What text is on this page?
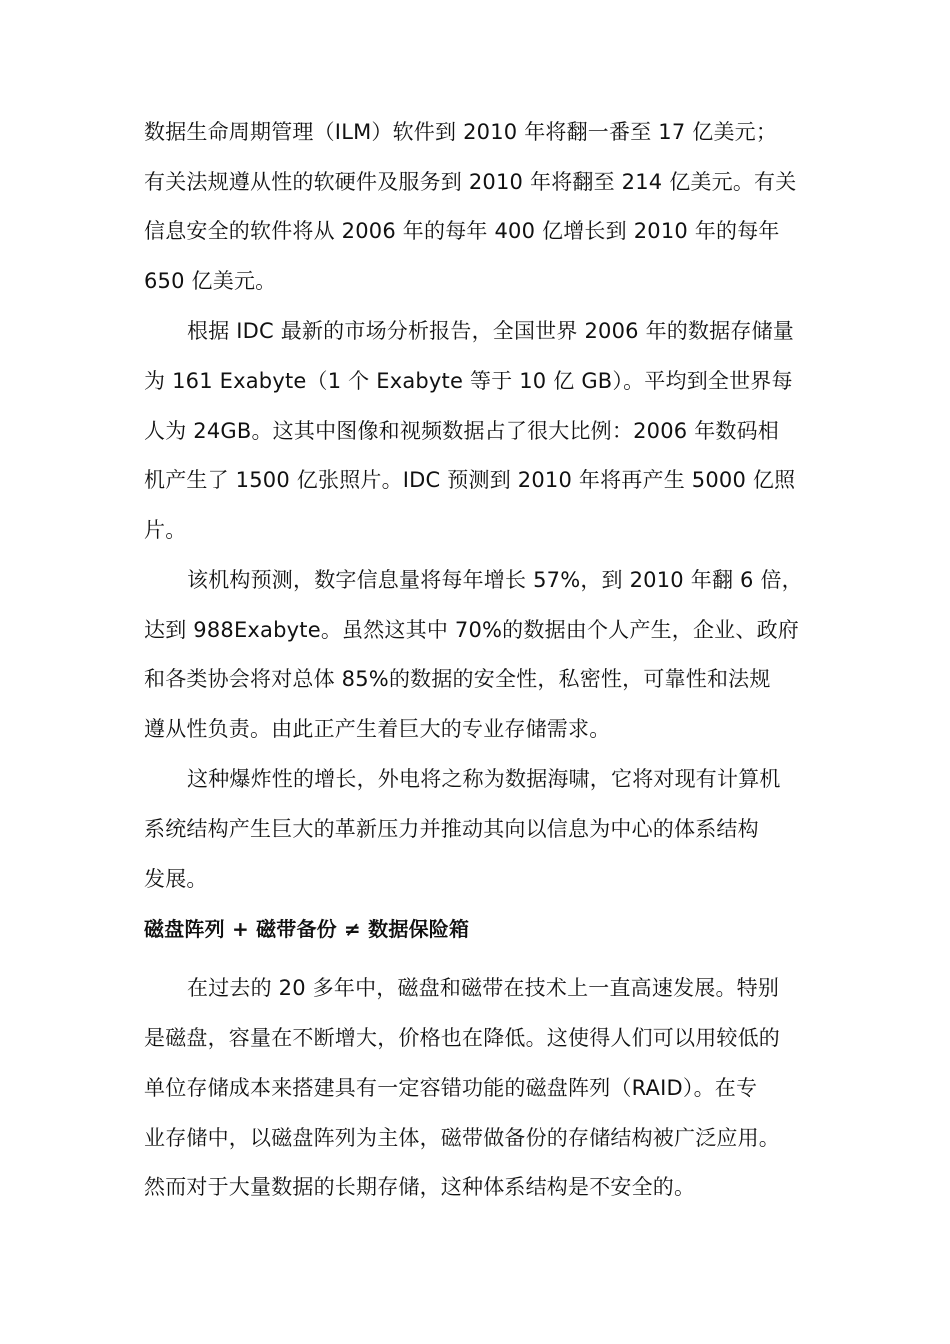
数据生命周期管理（ILM）软件到 2010 年将翻一番至 17 亿美元；
有关法规遵从性的软硬件及服务到 2010 年将翻至 214 亿美元。有关
信息安全的软件将从 2006 年的每年 400 亿增长到 2010 年的每年
650 亿美元。
根据 IDC 最新的市场分析报告，全国世界 2006 年的数据存储量
为 161 Exabyte（1 个 Exabyte 等于 10 亿 GB）。平均到全世界每
人为 24GB。这其中图像和视频数据占了很大比例：2006 年数码相
机产生了 1500 亿张照片。IDC 预测到 2010 年将再产生 5000 亿照
片。
该机构预测，数字信息量将每年增长 57%，到 2010 年翻 6 倍，
达到 988Exabyte。虽然这其中 70%的数据由个人产生，企业、政府
和各类协会将对总体 85%的数据的安全性，私密性，可靠性和法规
遵从性负责。由此正产生着巨大的专业存储需求。
这种爆炸性的增长，外电将之称为数据海啸，它将对现有计算机
系统结构产生巨大的革新压力并推动其向以信息为中心的体系结构
发展。
磁盘阵列 + 磁带备份 ≠ 数据保险箱
在过去的 20 多年中，磁盘和磁带在技术上一直高速发展。特别
是磁盘，容量在不断增大，价格也在降低。这使得人们可以用较低的
单位存储成本来搭建具有一定容错功能的磁盘阵列（RAID）。在专
业存储中，以磁盘阵列为主体，磁带做备份的存储结构被广泛应用。
然而对于大量数据的长期存储，这种体系结构是不安全的。
